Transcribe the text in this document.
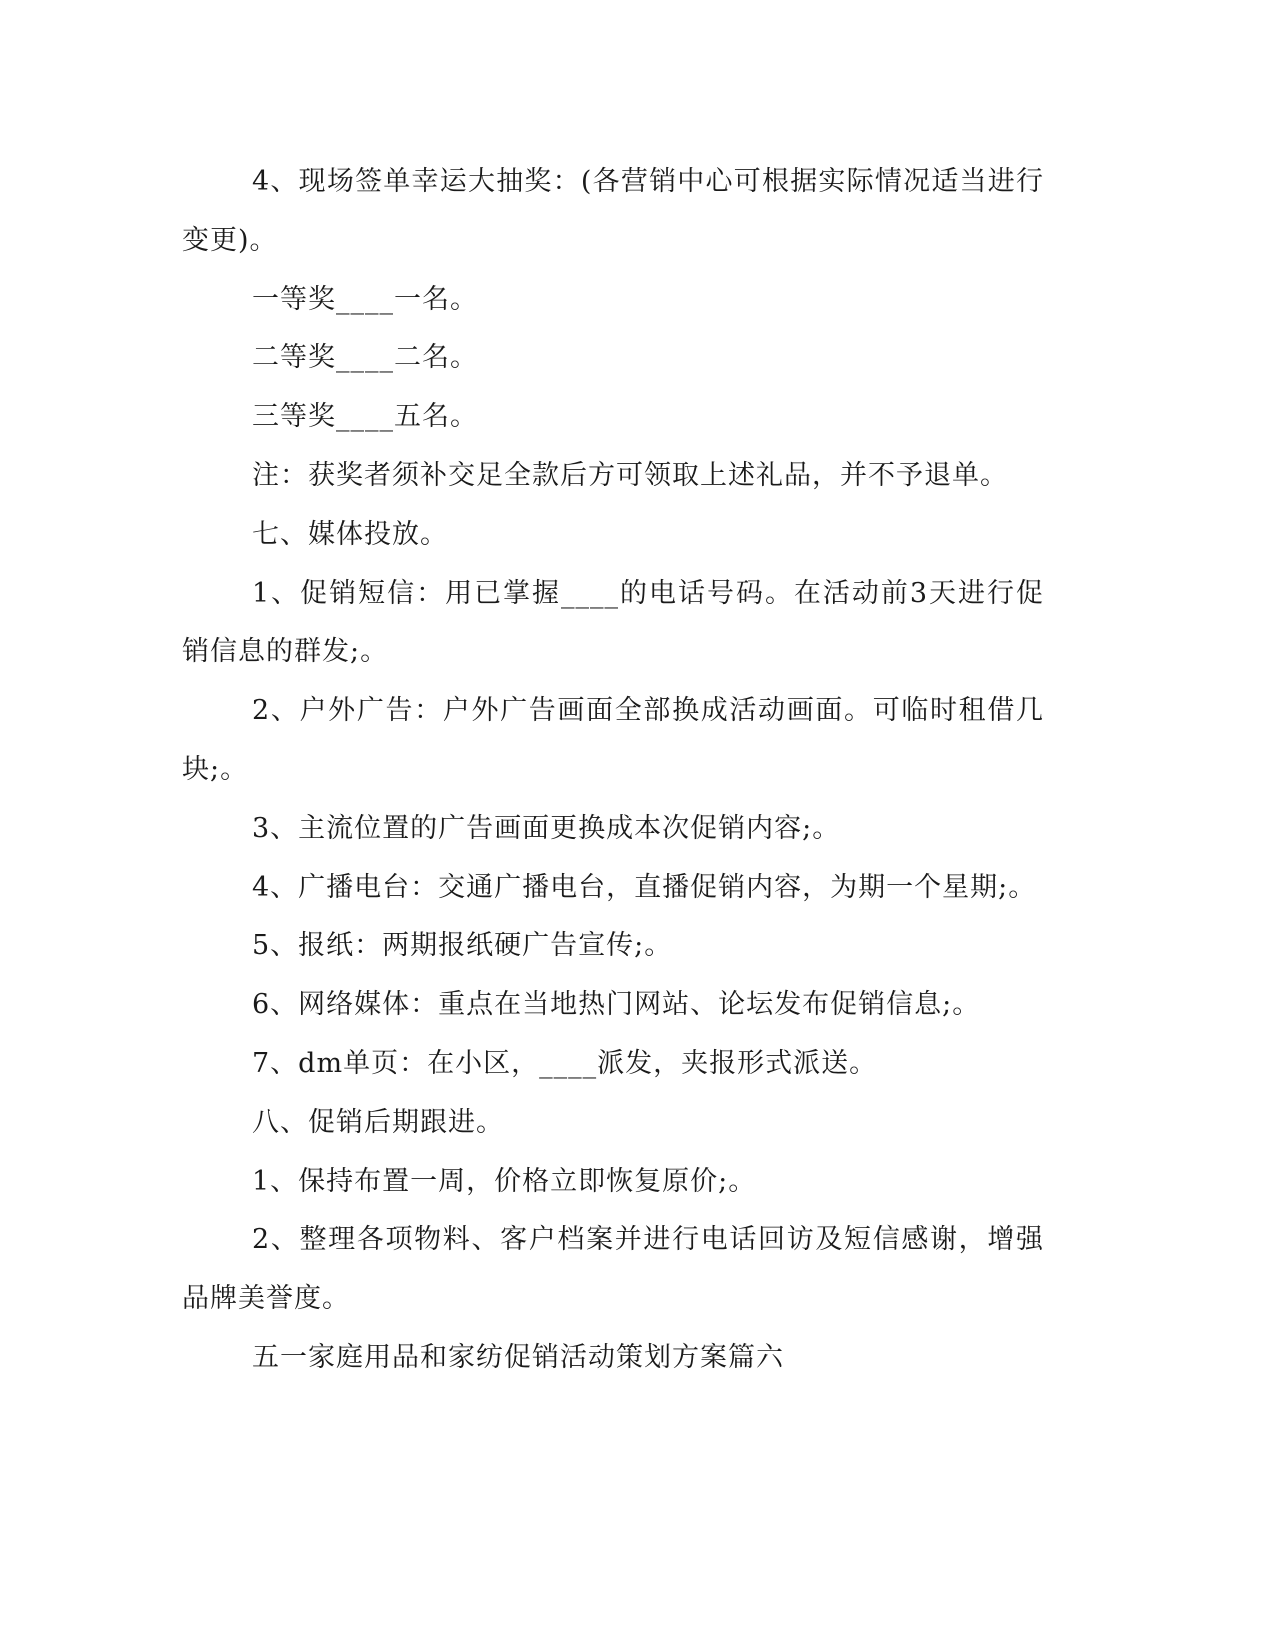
4、现场签单幸运大抽奖：(各营销中心可根据实际情况适当进行变更)。

一等奖____一名。

二等奖____二名。

三等奖____五名。

注：获奖者须补交足全款后方可领取上述礼品，并不予退单。

七、媒体投放。

1、促销短信：用已掌握____的电话号码。在活动前3天进行促销信息的群发;。

2、户外广告：户外广告画面全部换成活动画面。可临时租借几块;。

3、主流位置的广告画面更换成本次促销内容;。

4、广播电台：交通广播电台，直播促销内容，为期一个星期;。

5、报纸：两期报纸硬广告宣传;。

6、网络媒体：重点在当地热门网站、论坛发布促销信息;。

7、dm单页：在小区，____派发，夹报形式派送。

八、促销后期跟进。

1、保持布置一周，价格立即恢复原价;。

2、整理各项物料、客户档案并进行电话回访及短信感谢，增强品牌美誉度。

五一家庭用品和家纺促销活动策划方案篇六
